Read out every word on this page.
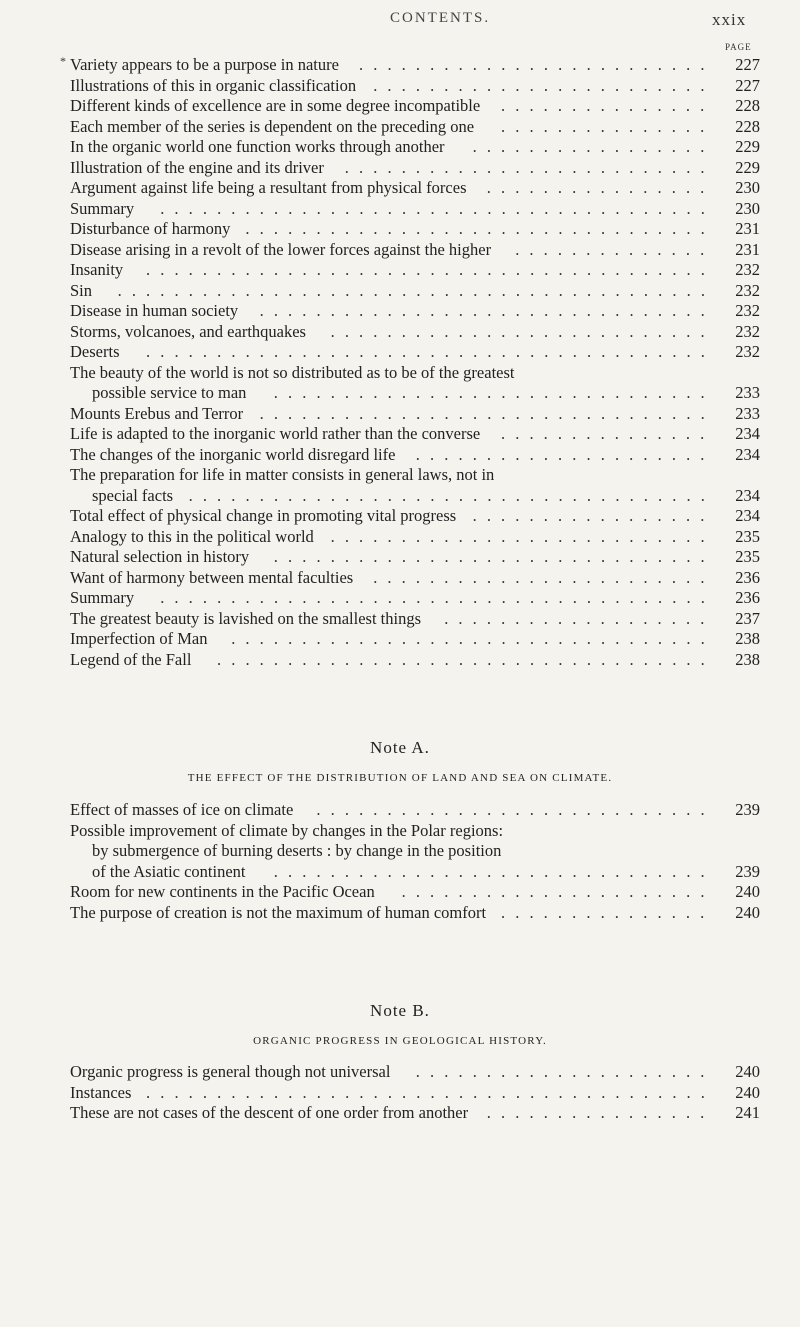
CONTENTS.	xxix
PAGE
* Variety appears to be a purpose in nature	227
.........................
Illustrations of this in organic classification	227
........................
Different kinds of excellence are in some degree incompatible	228
...............
Each member of the series is dependent on the preceding one	228
...............
In the organic world one function works through another	229
.................
Illustration of the engine and its driver	229
..........................
Argument against life being a resultant from physical forces	230
................
Summary	230
.......................................
Disturbance of harmony	231
.................................
Disease arising in a revolt of the lower forces against the higher	231
..............
Insanity	232
........................................
Sin	232
..........................................
Disease in human society	232
................................
Storms, volcanoes, and earthquakes	232
...........................
Deserts	232
........................................
The beauty of the world is not so distributed as to be of the greatest
possible service to man	233
...............................
Mounts Erebus and Terror	233
................................
Life is adapted to the inorganic world rather than the converse	234
...............
The changes of the inorganic world disregard life	234
.....................
The preparation for life in matter consists in general laws, not in
special facts	234
.....................................
Total effect of physical change in promoting vital progress	234
.................
Analogy to this in the political world	235
...........................
Natural selection in history	235
...............................
Want of harmony between mental faculties	236
........................
Summary	236
.......................................
The greatest beauty is lavished on the smallest things	237
...................
Imperfection of Man	238
..................................
Legend of the Fall	238
...................................
Note A.
THE EFFECT OF THE DISTRIBUTION OF LAND AND SEA ON CLIMATE.
Effect of masses of ice on climate	239
............................
Possible improvement of climate by changes in the Polar regions:
by submergence of burning deserts : by change in the position
of the Asiatic continent	239
...............................
Room for new continents in the Pacific Ocean	240
......................
The purpose of creation is not the maximum of human comfort	240
...............
Note B.
ORGANIC PROGRESS IN GEOLOGICAL HISTORY.
Organic progress is general though not universal	240
.....................
Instances	240
........................................
These are not cases of the descent of one order from another	241
................
